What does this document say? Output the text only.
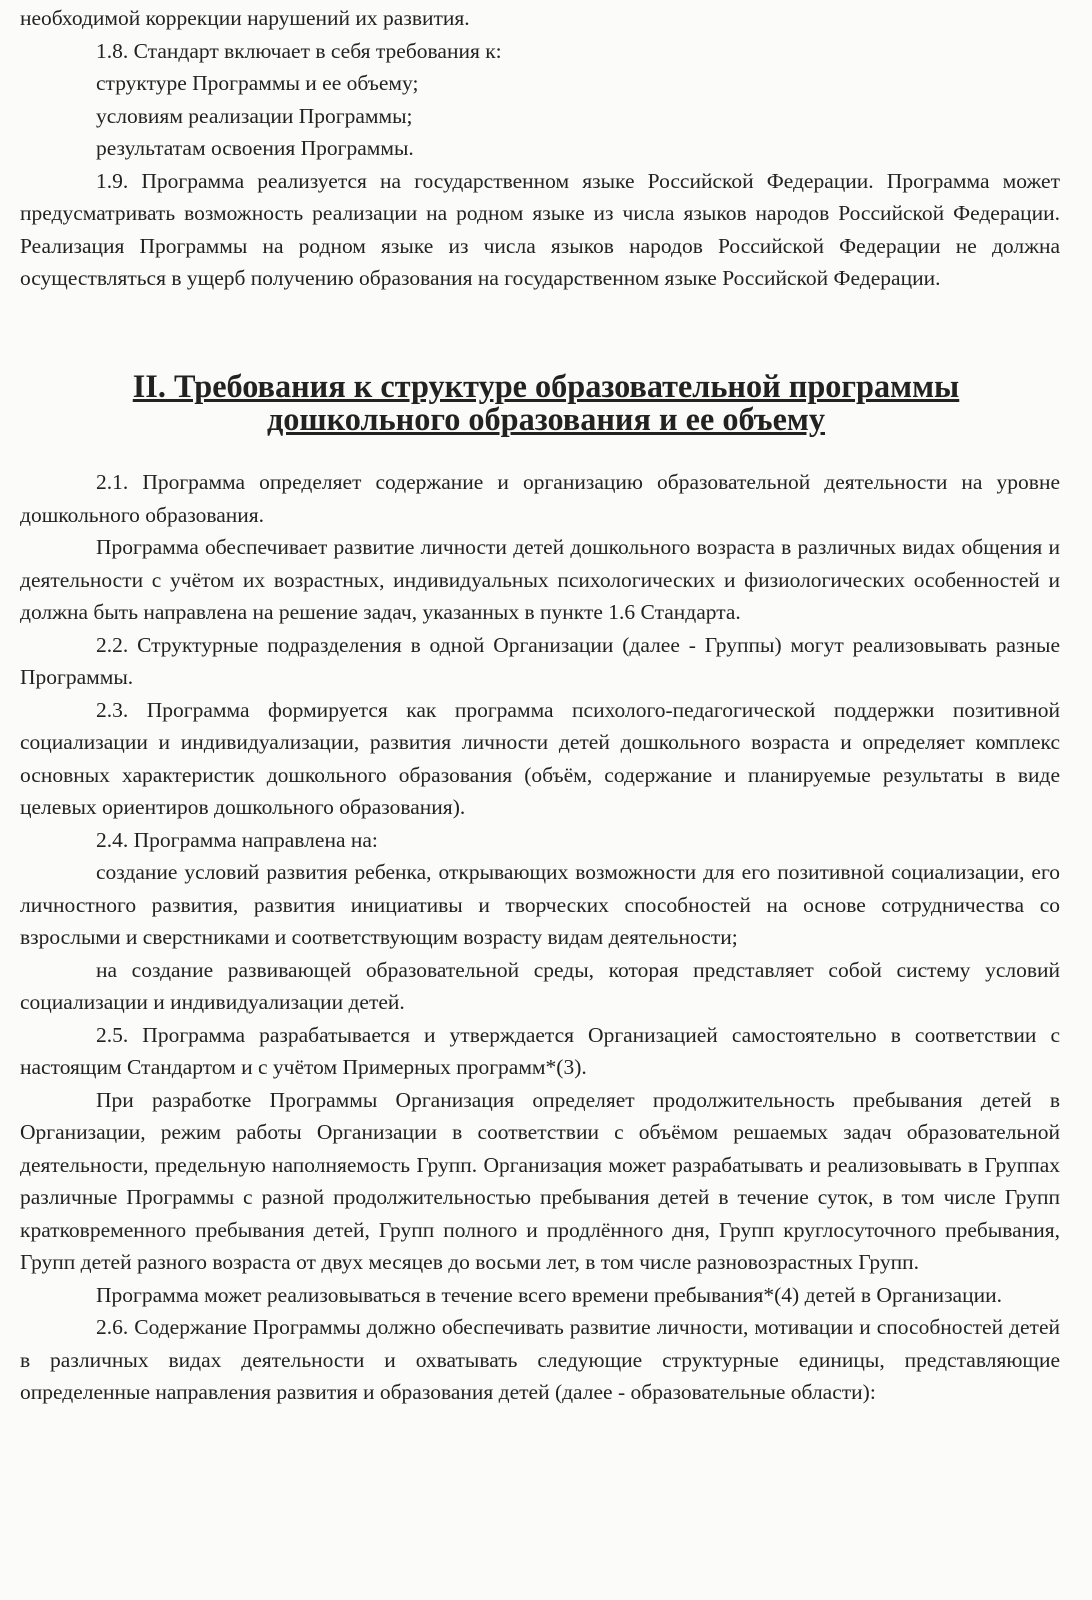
необходимой коррекции нарушений их развития.

1.8. Стандарт включает в себя требования к:

структуре Программы и ее объему;

условиям реализации Программы;

результатам освоения Программы.

1.9. Программа реализуется на государственном языке Российской Федерации. Программа может предусматривать возможность реализации на родном языке из числа языков народов Российской Федерации. Реализация Программы на родном языке из числа языков народов Российской Федерации не должна осуществляться в ущерб получению образования на государственном языке Российской Федерации.

II. Требования к структуре образовательной программы дошкольного образования и ее объему

2.1. Программа определяет содержание и организацию образовательной деятельности на уровне дошкольного образования.

Программа обеспечивает развитие личности детей дошкольного возраста в различных видах общения и деятельности с учётом их возрастных, индивидуальных психологических и физиологических особенностей и должна быть направлена на решение задач, указанных в пункте 1.6 Стандарта.

2.2. Структурные подразделения в одной Организации (далее - Группы) могут реализовывать разные Программы.

2.3. Программа формируется как программа психолого-педагогической поддержки позитивной социализации и индивидуализации, развития личности детей дошкольного возраста и определяет комплекс основных характеристик дошкольного образования (объём, содержание и планируемые результаты в виде целевых ориентиров дошкольного образования).

2.4. Программа направлена на:

создание условий развития ребенка, открывающих возможности для его позитивной социализации, его личностного развития, развития инициативы и творческих способностей на основе сотрудничества со взрослыми и сверстниками и соответствующим возрасту видам деятельности;

на создание развивающей образовательной среды, которая представляет собой систему условий социализации и индивидуализации детей.

2.5. Программа разрабатывается и утверждается Организацией самостоятельно в соответствии с настоящим Стандартом и с учётом Примерных программ*(3).

При разработке Программы Организация определяет продолжительность пребывания детей в Организации, режим работы Организации в соответствии с объёмом решаемых задач образовательной деятельности, предельную наполняемость Групп. Организация может разрабатывать и реализовывать в Группах различные Программы с разной продолжительностью пребывания детей в течение суток, в том числе Групп кратковременного пребывания детей, Групп полного и продлённого дня, Групп круглосуточного пребывания, Групп детей разного возраста от двух месяцев до восьми лет, в том числе разновозрастных Групп.

Программа может реализовываться в течение всего времени пребывания*(4) детей в Организации.

2.6. Содержание Программы должно обеспечивать развитие личности, мотивации и способностей детей в различных видах деятельности и охватывать следующие структурные единицы, представляющие определенные направления развития и образования детей (далее - образовательные области):
